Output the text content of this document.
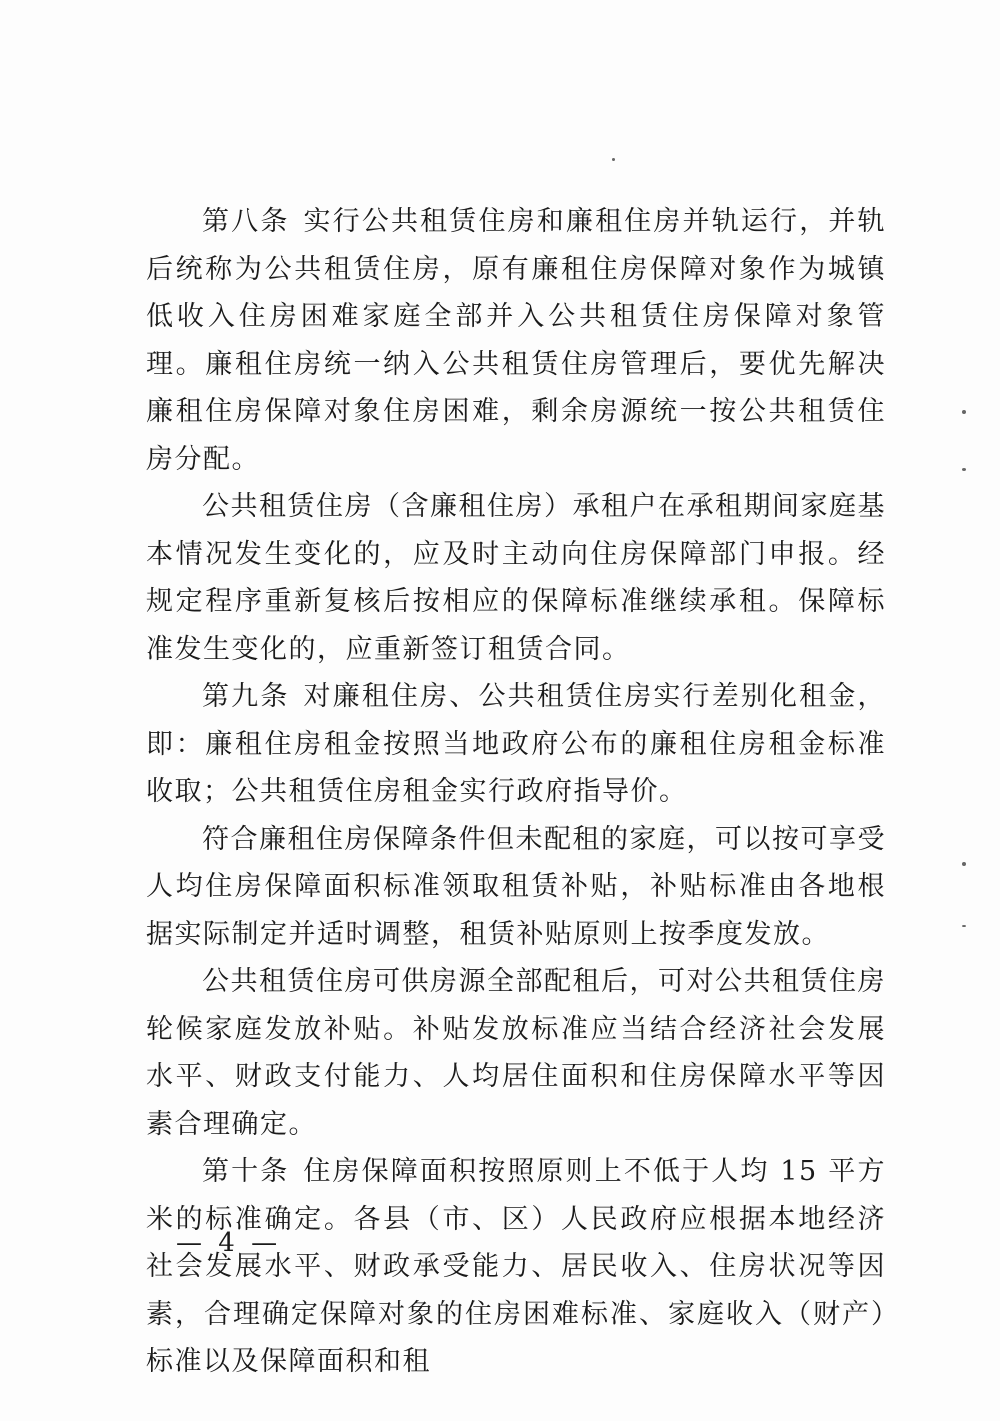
第八条 实行公共租赁住房和廉租住房并轨运行，并轨后统称为公共租赁住房，原有廉租住房保障对象作为城镇低收入住房困难家庭全部并入公共租赁住房保障对象管理。廉租住房统一纳入公共租赁住房管理后，要优先解决廉租住房保障对象住房困难，剩余房源统一按公共租赁住房分配。

公共租赁住房（含廉租住房）承租户在承租期间家庭基本情况发生变化的，应及时主动向住房保障部门申报。经规定程序重新复核后按相应的保障标准继续承租。保障标准发生变化的，应重新签订租赁合同。

第九条 对廉租住房、公共租赁住房实行差别化租金，即：廉租住房租金按照当地政府公布的廉租住房租金标准收取；公共租赁住房租金实行政府指导价。

符合廉租住房保障条件但未配租的家庭，可以按可享受人均住房保障面积标准领取租赁补贴，补贴标准由各地根据实际制定并适时调整，租赁补贴原则上按季度发放。

公共租赁住房可供房源全部配租后，可对公共租赁住房轮候家庭发放补贴。补贴发放标准应当结合经济社会发展水平、财政支付能力、人均居住面积和住房保障水平等因素合理确定。

第十条 住房保障面积按照原则上不低于人均 15 平方米的标准确定。各县（市、区）人民政府应根据本地经济社会发展水平、财政承受能力、居民收入、住房状况等因素，合理确定保障对象的住房困难标准、家庭收入（财产）标准以及保障面积和租

— 4 —
